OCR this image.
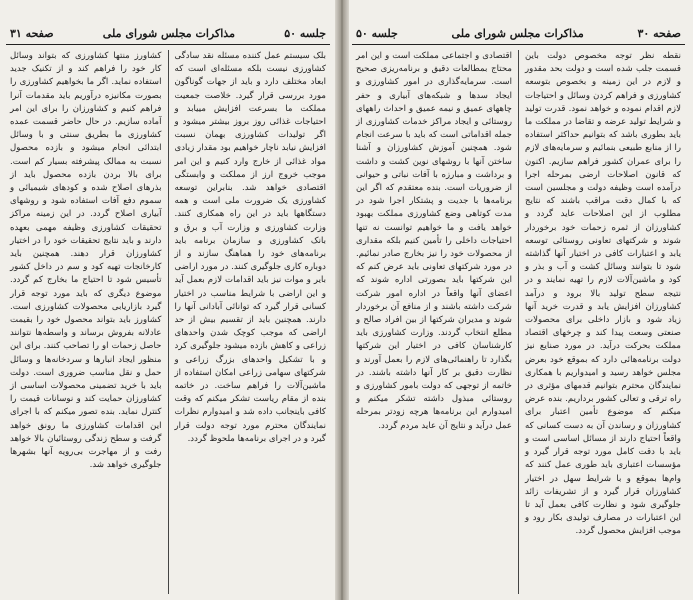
صفحه ۳۰
مذاکرات مجلس شورای ملی
جلسه ۵۰

نقطه نظر توجه مخصوص دولت باین قسمت جلب شده است و دولت بحد مقدور و لازم در این زمینه و بخصوص بتوسعه کشاورزی و فراهم کردن وسائل و احتیاجات لازم اقدام نموده و خواهد نمود. قدرت تولید و شرایط تولید عرضه و تقاضا در مملکت ما باید بطوری باشد که بتوانیم حداکثر استفاده را از منابع طبیعی بنمائیم و سرمایه‌های لازم را برای عمران کشور فراهم سازیم. اکنون که قانون اصلاحات ارضی بمرحله اجرا درآمده است وظیفه دولت و مجلسین است که با کمال دقت مراقب باشند که نتایج مطلوب از این اصلاحات عاید گردد و کشاورزان از ثمره زحمات خود برخوردار شوند و شرکتهای تعاونی روستائی توسعه یابد و اعتبارات کافی در اختیار آنها گذاشته شود تا بتوانند وسائل کشت و آب و بذر و کود و ماشین‌آلات لازم را تهیه نمایند و در نتیجه سطح تولید بالا برود و درآمد کشاورزان افزایش یابد و قدرت خرید آنها زیاد شود و بازار داخلی برای محصولات صنعتی وسعت پیدا کند و چرخهای اقتصاد مملکت بحرکت درآید. در مورد صنایع نیز دولت برنامه‌هائی دارد که بموقع خود بعرض مجلس خواهد رسید و امیدواریم با همکاری نمایندگان محترم بتوانیم قدمهای مؤثری در راه ترقی و تعالی کشور برداریم. بنده عرض میکنم که موضوع تأمین اعتبار برای کشاورزان و رساندن آن به دست کسانی که واقعاً احتیاج دارند از مسائل اساسی است و باید با دقت کامل مورد توجه قرار گیرد و مؤسسات اعتباری باید طوری عمل کنند که وام‌ها بموقع و با شرایط سهل در اختیار کشاورزان قرار گیرد و از تشریفات زائد جلوگیری شود و نظارت کافی بعمل آید تا این اعتبارات در مصارف تولیدی بکار رود و موجب افزایش محصول گردد.

اقتصادی و اجتماعی مملکت است و این امر محتاج بمطالعات دقیق و برنامه‌ریزی صحیح است. سرمایه‌گذاری در امور کشاورزی و ایجاد سدها و شبکه‌های آبیاری و حفر چاههای عمیق و نیمه عمیق و احداث راههای روستائی و ایجاد مراکز خدمات کشاورزی از جمله اقداماتی است که باید با سرعت انجام شود. همچنین آموزش کشاورزان و آشنا ساختن آنها با روشهای نوین کشت و داشت و برداشت و مبارزه با آفات نباتی و حیوانی از ضروریات است. بنده معتقدم که اگر این برنامه‌ها با جدیت و پشتکار اجرا شود در مدت کوتاهی وضع کشاورزی مملکت بهبود خواهد یافت و ما خواهیم توانست نه تنها احتیاجات داخلی را تأمین کنیم بلکه مقداری از محصولات خود را نیز بخارج صادر نمائیم. در مورد شرکتهای تعاونی باید عرض کنم که این شرکتها باید بصورتی اداره شوند که اعضای آنها واقعاً در اداره امور شرکت شرکت داشته باشند و از منافع آن برخوردار شوند و مدیران شرکتها از بین افراد صالح و مطلع انتخاب گردند. وزارت کشاورزی باید کارشناسان کافی در اختیار این شرکتها بگذارد تا راهنمائی‌های لازم را بعمل آورند و نظارت دقیق بر کار آنها داشته باشند. در خاتمه از توجهی که دولت بامور کشاورزی و روستائی مبذول داشته تشکر میکنم و امیدوارم این برنامه‌ها هرچه زودتر بمرحله عمل درآید و نتایج آن عاید مردم گردد.

جلسه ۵۰
مذاکرات مجلس شورای ملی
صفحه ۳۱

بلک سیستم عمل کننده مسئله نقد سادگی کشاورزی نیست بلکه مسئله‌ای است که ابعاد مختلف دارد و باید از جهات گوناگون مورد بررسی قرار گیرد. خلاصت جمعیت مملکت ما بسرعت افزایش مییابد و احتیاجات غذائی روز بروز بیشتر میشود و اگر تولیدات کشاورزی بهمان نسبت افزایش نیابد ناچار خواهیم بود مقدار زیادی مواد غذائی از خارج وارد کنیم و این امر موجب خروج ارز از مملکت و وابستگی اقتصادی خواهد شد. بنابراین توسعه کشاورزی یک ضرورت ملی است و همه دستگاهها باید در این راه همکاری کنند. وزارت کشاورزی و وزارت آب و برق و بانک کشاورزی و سازمان برنامه باید برنامه‌های خود را هماهنگ سازند و از دوباره کاری جلوگیری کنند. در مورد اراضی بایر و موات نیز باید اقدامات لازم بعمل آید و این اراضی با شرایط مناسب در اختیار کسانی قرار گیرد که توانائی آبادانی آنها را دارند. همچنین باید از تقسیم بیش از حد اراضی که موجب کوچک شدن واحدهای زراعی و کاهش بازده میشود جلوگیری کرد و با تشکیل واحدهای بزرگ زراعی و شرکتهای سهامی زراعی امکان استفاده از ماشین‌آلات را فراهم ساخت. در خاتمه بنده از مقام ریاست تشکر میکنم که وقت کافی باینجانب داده شد و امیدوارم نظرات نمایندگان محترم مورد توجه دولت قرار گیرد و در اجرای برنامه‌ها ملحوظ گردد.

کشاورز منتها کشاورزی که بتواند وسائل کار خود را فراهم کند و از تکنیک جدید استفاده نماید. اگر ما بخواهیم کشاورزی را بصورت مکانیزه درآوریم باید مقدمات آنرا فراهم کنیم و کشاورزان را برای این امر آماده سازیم. در حال حاضر قسمت عمده کشاورزی ما بطریق سنتی و با وسائل ابتدائی انجام میشود و بازده محصول نسبت به ممالک پیشرفته بسیار کم است. برای بالا بردن بازده محصول باید از بذرهای اصلاح شده و کودهای شیمیائی و سموم دفع آفات استفاده شود و روشهای آبیاری اصلاح گردد. در این زمینه مراکز تحقیقات کشاورزی وظیفه مهمی بعهده دارند و باید نتایج تحقیقات خود را در اختیار کشاورزان قرار دهند. همچنین باید کارخانجات تهیه کود و سم در داخل کشور تأسیس شود تا احتیاج ما بخارج کم گردد. موضوع دیگری که باید مورد توجه قرار گیرد بازاریابی محصولات کشاورزی است. کشاورز باید بتواند محصول خود را بقیمت عادلانه بفروش برساند و واسطه‌ها نتوانند حاصل زحمات او را تصاحب کنند. برای این منظور ایجاد انبارها و سردخانه‌ها و وسائل حمل و نقل مناسب ضروری است. دولت باید با خرید تضمینی محصولات اساسی از کشاورزان حمایت کند و نوسانات قیمت را کنترل نماید. بنده تصور میکنم که با اجرای این اقدامات کشاورزی ما رونق خواهد گرفت و سطح زندگی روستائیان بالا خواهد رفت و از مهاجرت بی‌رویه آنها بشهرها جلوگیری خواهد شد.
